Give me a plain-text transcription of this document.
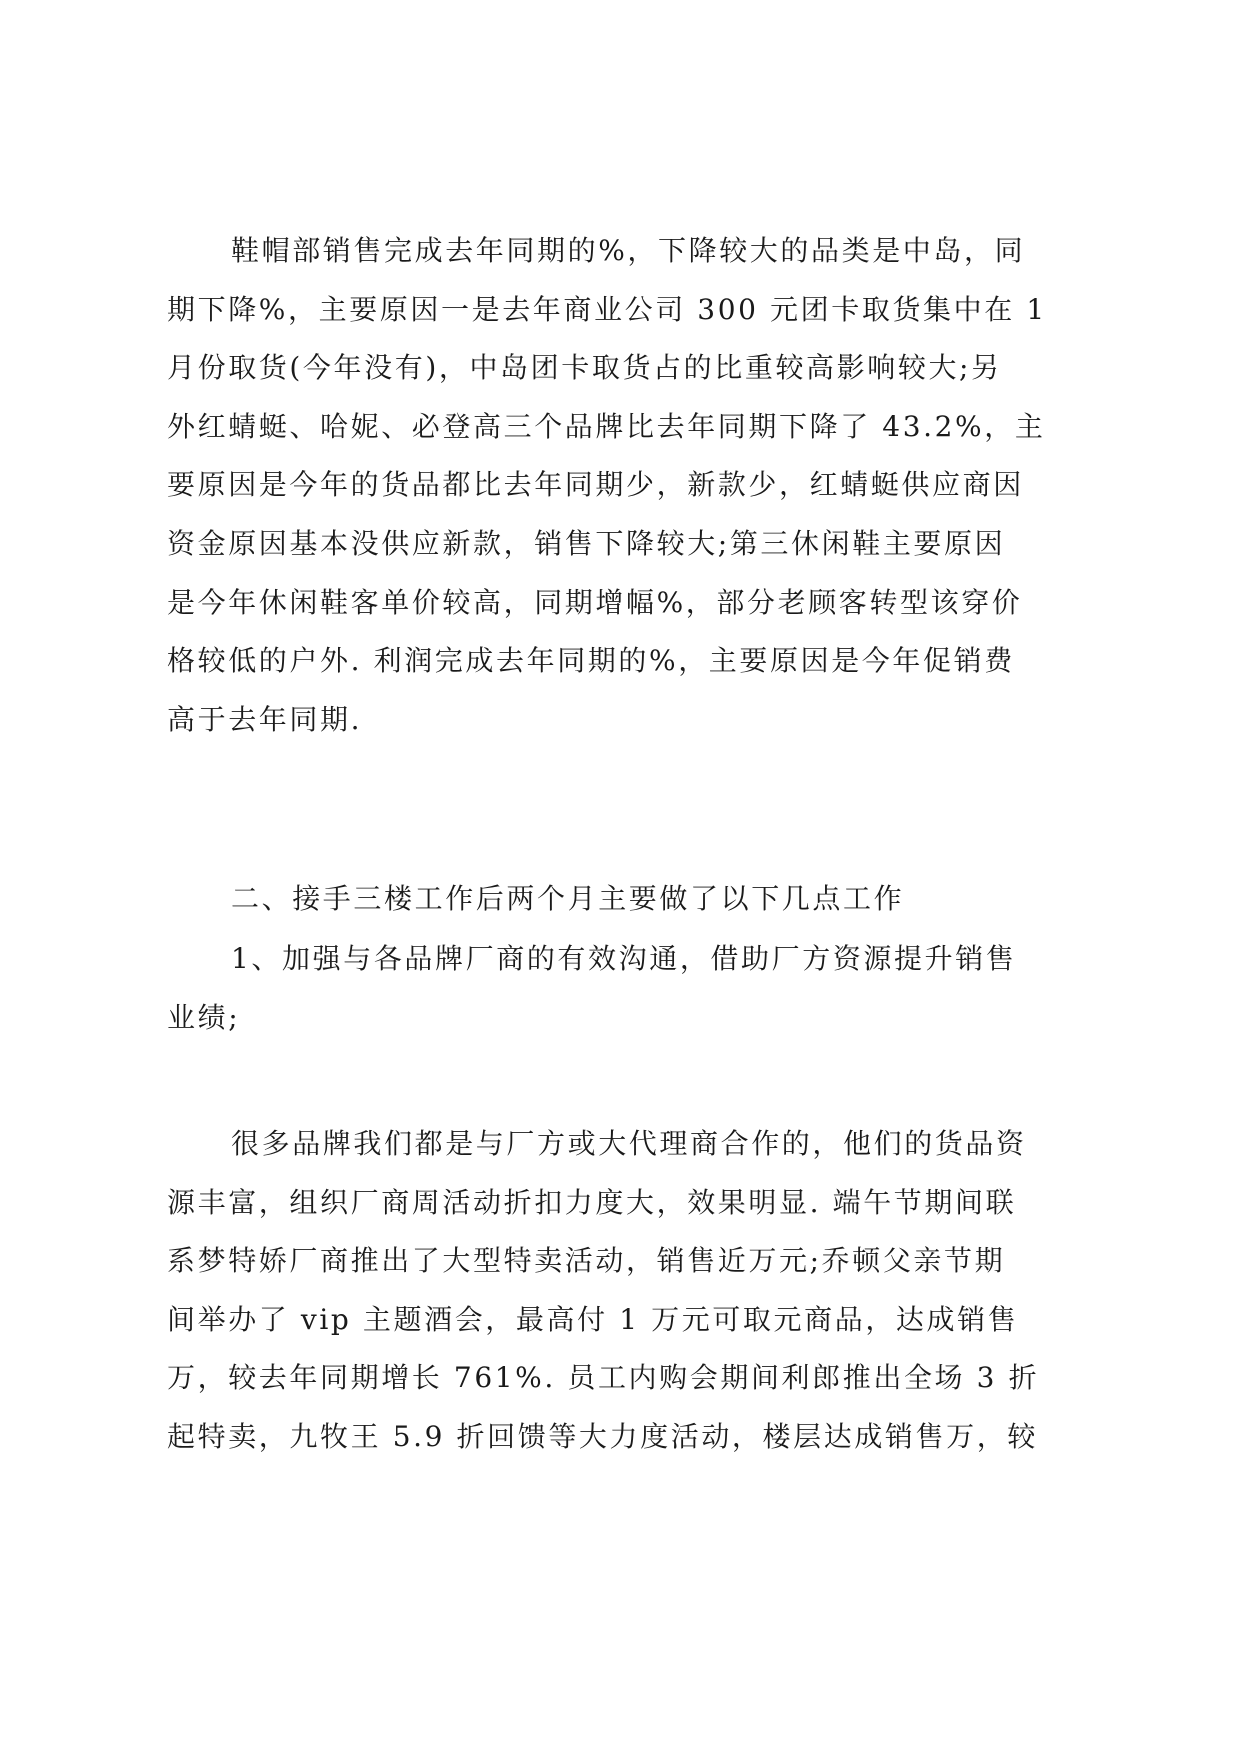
鞋帽部销售完成去年同期的%，下降较大的品类是中岛，同
期下降%，主要原因一是去年商业公司 300 元团卡取货集中在 1
月份取货(今年没有)，中岛团卡取货占的比重较高影响较大;另
外红蜻蜓、哈妮、必登高三个品牌比去年同期下降了 43.2%，主
要原因是今年的货品都比去年同期少，新款少，红蜻蜓供应商因
资金原因基本没供应新款，销售下降较大;第三休闲鞋主要原因
是今年休闲鞋客单价较高，同期增幅%，部分老顾客转型该穿价
格较低的户外. 利润完成去年同期的%，主要原因是今年促销费
高于去年同期.
二、接手三楼工作后两个月主要做了以下几点工作
1、加强与各品牌厂商的有效沟通，借助厂方资源提升销售
业绩;
很多品牌我们都是与厂方或大代理商合作的，他们的货品资
源丰富，组织厂商周活动折扣力度大，效果明显. 端午节期间联
系梦特娇厂商推出了大型特卖活动，销售近万元;乔顿父亲节期
间举办了 vip 主题酒会，最高付 1 万元可取元商品，达成销售
万，较去年同期增长 761%. 员工内购会期间利郎推出全场 3 折
起特卖，九牧王 5.9 折回馈等大力度活动，楼层达成销售万，较
